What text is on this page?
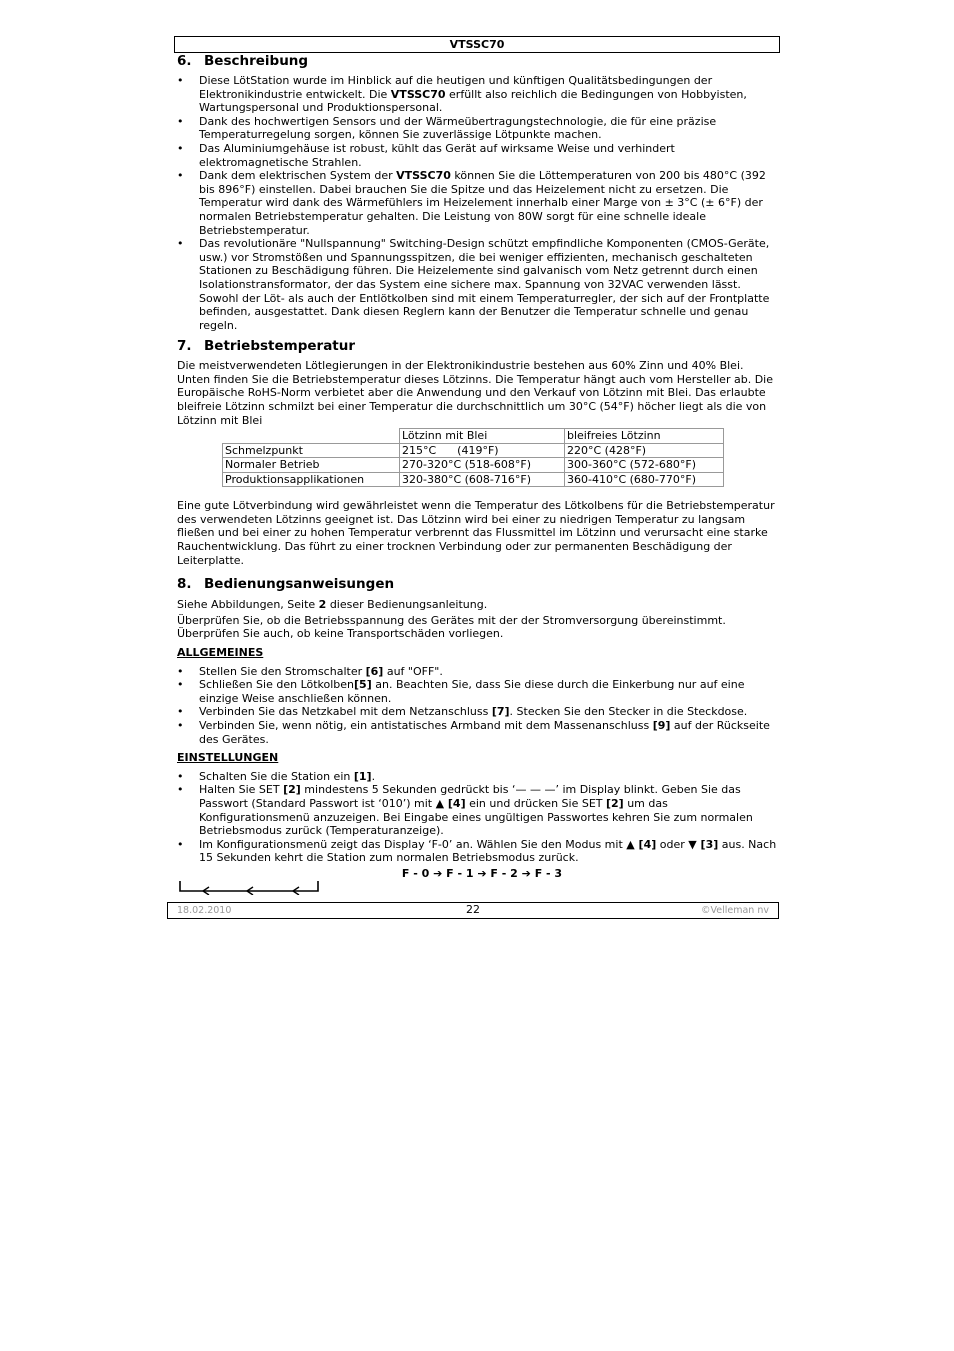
VTSSC70
6. Beschreibung
• Diese LötStation wurde im Hinblick auf die heutigen und künftigen Qualitätsbedingungen der Elektronikindustrie entwickelt. Die VTSSC70 erfüllt also reichlich die Bedingungen von Hobbyisten, Wartungspersonal und Produktionspersonal.
• Dank des hochwertigen Sensors und der Wärmeübertragungstechnologie, die für eine präzise Temperaturregelung sorgen, können Sie zuverlässige Lötpunkte machen.
• Das Aluminiumgehäuse ist robust, kühlt das Gerät auf wirksame Weise und verhindert elektromagnetische Strahlen.
• Dank dem elektrischen System der VTSSC70 können Sie die Löttemperaturen von 200 bis 480°C (392 bis 896°F) einstellen. Dabei brauchen Sie die Spitze und das Heizelement nicht zu ersetzen. Die Temperatur wird dank des Wärmefühlers im Heizelement innerhalb einer Marge von ± 3°C (± 6°F) der normalen Betriebstemperatur gehalten. Die Leistung von 80W sorgt für eine schnelle ideale Betriebstemperatur.
• Das revolutionäre "Nullspannung" Switching-Design schützt empfindliche Komponenten (CMOS-Geräte, usw.) vor Stromstößen und Spannungsspitzen, die bei weniger effizienten, mechanisch geschalteten Stationen zu Beschädigung führen. Die Heizelemente sind galvanisch vom Netz getrennt durch einen Isolationstransformator, der das System eine sichere max. Spannung von 32VAC verwenden lässt. Sowohl der Löt- als auch der Entlötkolben sind mit einem Temperaturregler, der sich auf der Frontplatte befinden, ausgestattet. Dank diesen Reglern kann der Benutzer die Temperatur schnelle und genau regeln.
7. Betriebstemperatur

Die meistverwendeten Lötlegierungen in der Elektronikindustrie bestehen aus 60% Zinn und 40% Blei. Unten finden Sie die Betriebstemperatur dieses Lötzinns. Die Temperatur hängt auch vom Hersteller ab. Die Europäische RoHS-Norm verbietet aber die Anwendung und den Verkauf von Lötzinn mit Blei. Das erlaubte bleifreie Lötzinn schmilzt bei einer Temperatur die durchschnittlich um 30°C (54°F) höcher liegt als die von Lötzinn mit Blei

	Lötzinn mit Blei	bleifreies Lötzinn
Schmelzpunkt	215°C      (419°F)	220°C (428°F)
Normaler Betrieb	270-320°C (518-608°F)	300-360°C (572-680°F)
Produktionsapplikationen	320-380°C (608-716°F)	360-410°C (680-770°F)

Eine gute Lötverbindung wird gewährleistet wenn die Temperatur des Lötkolbens für die Betriebstemperatur des verwendeten Lötzinns geeignet ist. Das Lötzinn wird bei einer zu niedrigen Temperatur zu langsam fließen und bei einer zu hohen Temperatur verbrennt das Flussmittel im Lötzinn und verursacht eine starke Rauchentwicklung. Das führt zu einer trocknen Verbindung oder zur permanenten Beschädigung der Leiterplatte.

8. Bedienungsanweisungen

Siehe Abbildungen, Seite 2 dieser Bedienungsanleitung.

Überprüfen Sie, ob die Betriebsspannung des Gerätes mit der der Stromversorgung übereinstimmt. Überprüfen Sie auch, ob keine Transportschäden vorliegen.

ALLGEMEINES

• Stellen Sie den Stromschalter [6] auf "OFF".
• Schließen Sie den Lötkolben[5] an. Beachten Sie, dass Sie diese durch die Einkerbung nur auf eine einzige Weise anschließen können.
• Verbinden Sie das Netzkabel mit dem Netzanschluss [7]. Stecken Sie den Stecker in die Steckdose.
• Verbinden Sie, wenn nötig, ein antistatisches Armband mit dem Massenanschluss [9] auf der Rückseite des Gerätes.

EINSTELLUNGEN

• Schalten Sie die Station ein [1].
• Halten Sie SET [2] mindestens 5 Sekunden gedrückt bis ‘— — —’ im Display blinkt. Geben Sie das Passwort (Standard Passwort ist ‘010’) mit ▲ [4] ein und drücken Sie SET [2] um das Konfigurationsmenü anzuzeigen. Bei Eingabe eines ungültigen Passwortes kehren Sie zum normalen Betriebsmodus zurück (Temperaturanzeige).
• Im Konfigurationsmenü zeigt das Display ‘F-0’ an. Wählen Sie den Modus mit ▲ [4] oder ▼ [3] aus. Nach 15 Sekunden kehrt die Station zum normalen Betriebsmodus zurück.
F - 0 ➔ F - 1 ➔ F - 2 ➔ F - 3
18.02.2010	22	©Velleman nv
